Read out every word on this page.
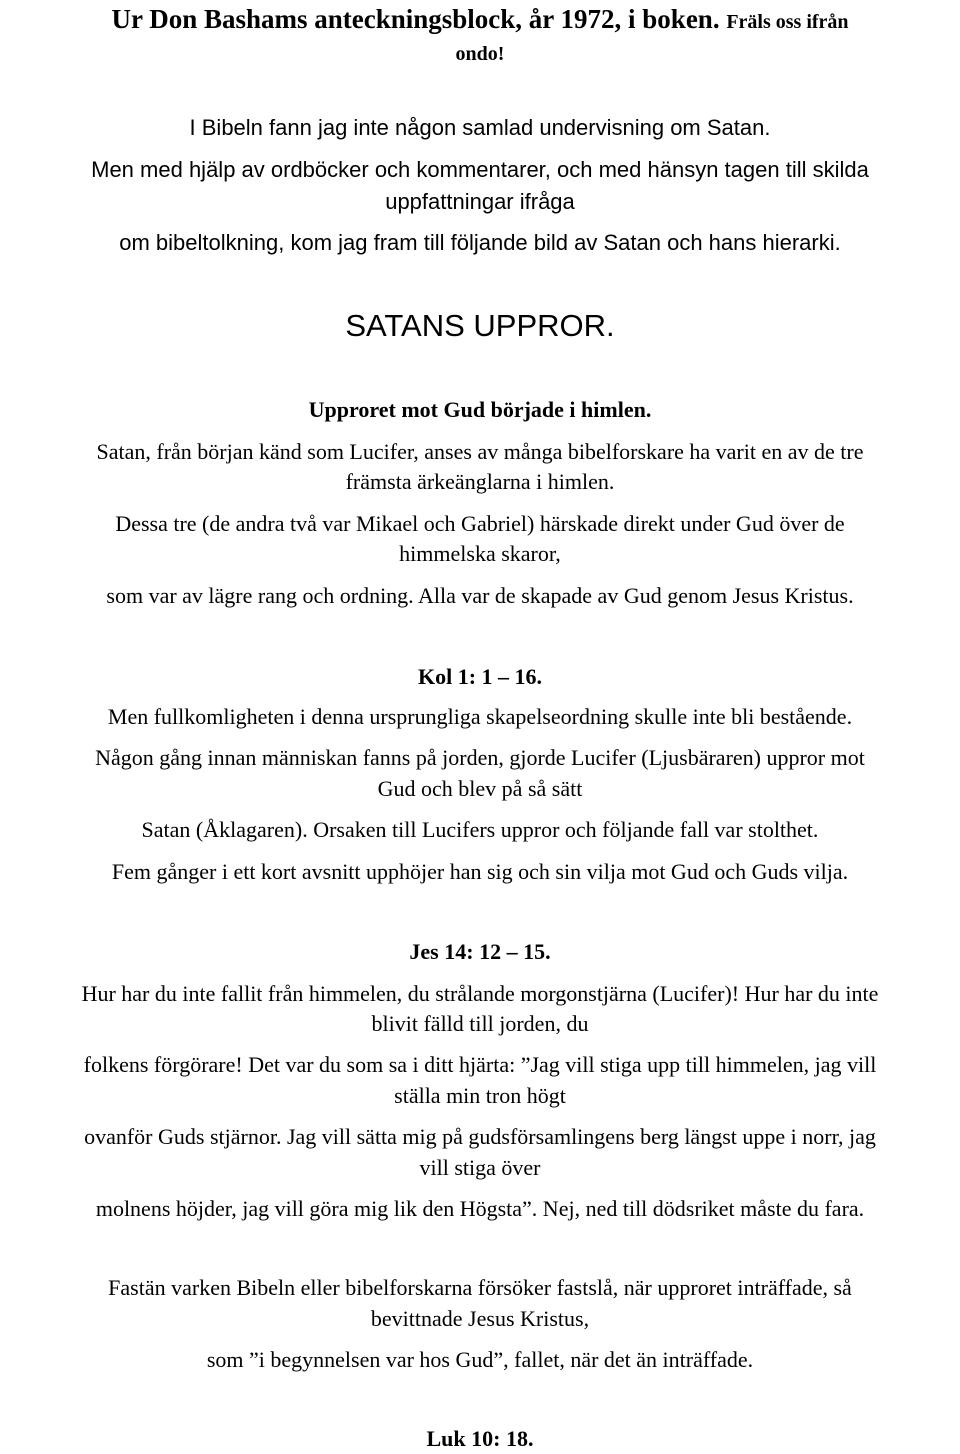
Ur Don Bashams anteckningsblock, år 1972, i boken. Fräls oss ifrån
ondo!
I Bibeln fann jag inte någon samlad undervisning om Satan.
Men med hjälp av ordböcker och kommentarer, och med hänsyn tagen till skilda
uppfattningar ifråga
om bibeltolkning, kom jag fram till följande bild av Satan och hans hierarki.
SATANS UPPROR.
Upproret mot Gud började i himlen.
Satan, från början känd som Lucifer, anses av många bibelforskare ha varit en av de tre
främsta ärkeänglarna i himlen.
Dessa tre (de andra två var Mikael och Gabriel) härskade direkt under Gud över de
himmelska skaror,
som var av lägre rang och ordning. Alla var de skapade av Gud genom Jesus Kristus.
Kol 1: 1 – 16.
Men fullkomligheten i denna ursprungliga skapelseordning skulle inte bli bestående.
Någon gång innan människan fanns på jorden, gjorde Lucifer (Ljusbäraren) uppror mot
Gud och blev på så sätt
Satan (Åklagaren). Orsaken till Lucifers uppror och följande fall var stolthet.
Fem gånger i ett kort avsnitt upphöjer han sig och sin vilja mot Gud och Guds vilja.
Jes 14: 12 – 15.
Hur har du inte fallit från himmelen, du strålande morgonstjärna (Lucifer)! Hur har du inte
blivit fälld till jorden, du
folkens förgörare! Det var du som sa i ditt hjärta: ”Jag vill stiga upp till himmelen, jag vill
ställa min tron högt
ovanför Guds stjärnor. Jag vill sätta mig på gudsförsamlingens berg längst uppe i norr, jag
vill stiga över
molnens höjder, jag vill göra mig lik den Högsta”. Nej, ned till dödsriket måste du fara.
Fastän varken Bibeln eller bibelforskarna försöker fastslå, när upproret inträffade, så
bevittnade Jesus Kristus,
som ”i begynnelsen var hos Gud”, fallet, när det än inträffade.
Luk 10: 18.
